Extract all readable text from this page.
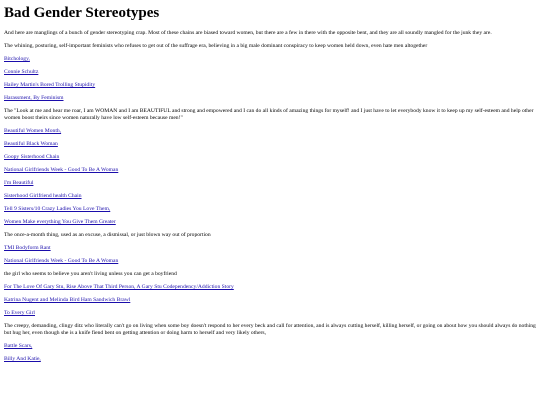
Bad Gender Stereotypes

And here are manglings of a bunch of gender stereotyping crap. Most of these chains are biased toward women, but there are a few in there with the opposite bent, and they are all soundly mangled for the junk they are.

The whining, posturing, self-important feminists who refuses to get out of the suffrage era, believing in a big male dominant conspiracy to keep women held down, even hate men altogether

Bitchology,

Connie Schultz

Hailey Martin's Bored Trolling Stupidity

Harassment, By Feminism

The "Look at me and hear me roar, I am WOMAN and I am BEAUTIFUL and strong and empowered and I can do all kinds of amazing things for myself! and I just have to let everybody know it to keep up my self-esteem and help other women boost theirs since women naturally have low self-esteem because men!"

Beautiful Women Month,

Beautiful Black Woman

Goopy Sisterhood Chain

National Girlfriends Week - Good To Be A Woman

I'm Beautiful

Sisterhood Girlfriend health Chain

Tell 9 Sisters/10 Crazy Ladies You Love Them,

Women Make everything You Give Them Greater

The once-a-month thing, used as an excuse, a dismissal, or just blown way out of proportion

TMI Bodyform Rant

National Girlfriends Week - Good To Be A Woman

the girl who seems to believe you aren't living unless you can get a boyfriend

For The Love Of Gary Stu, Rise Above That Third Person, A Gary Stu Codependency/Addiction Story

Katrina Nugent and Melinda Bird Ham Sandwich Brawl

To Every Girl

The creepy, demanding, clingy ditz who literally can't go on living when some boy doesn't respond to her every beck and call for attention, and is always cutting herself, killing herself, or going on about how you should always do nothing but hug her, even though she is a knife fiend bent on getting attention or doing harm to herself and very likely others,

Battle Scars,

Billy And Katie,
